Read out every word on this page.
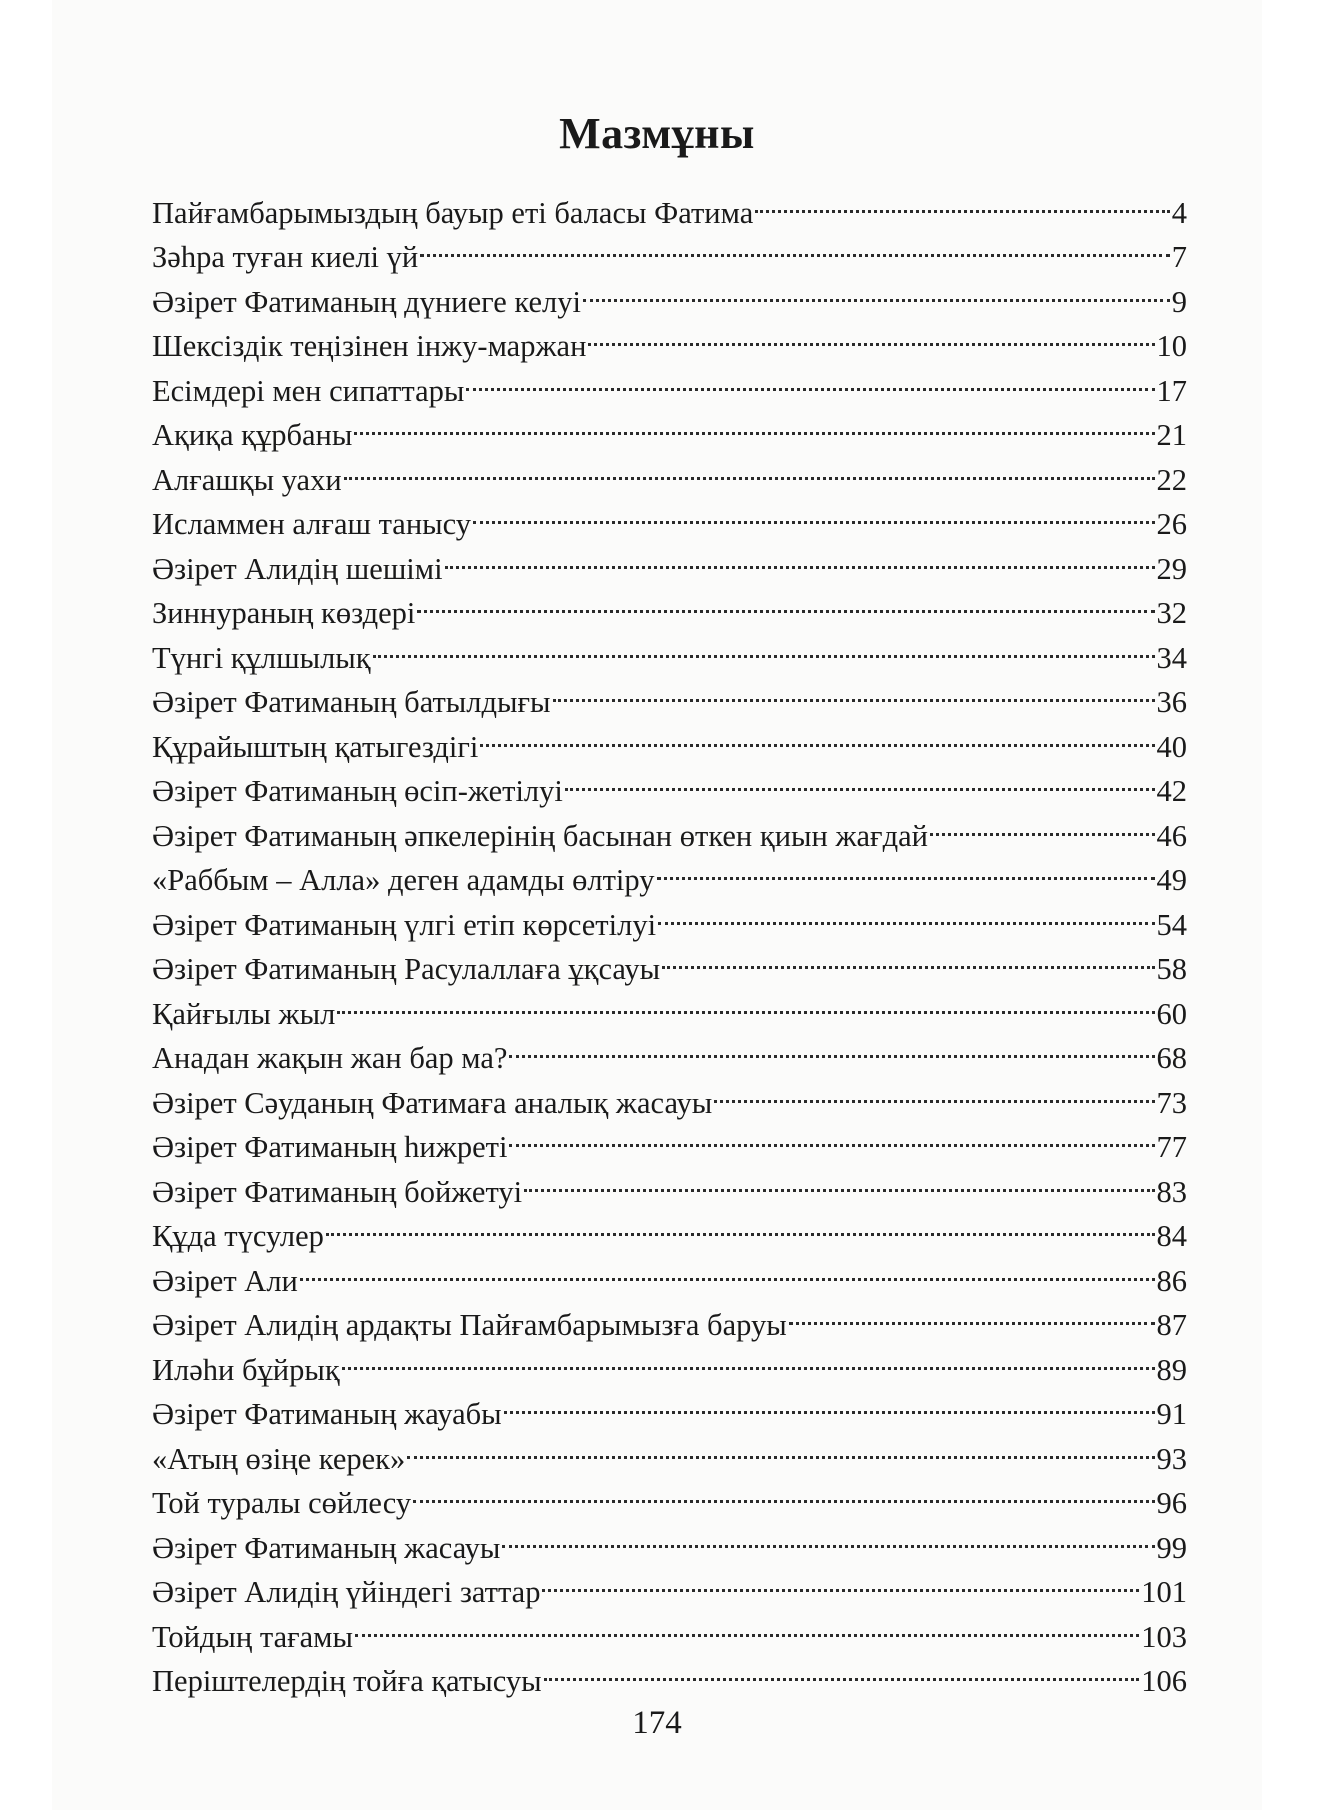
Мазмұны
Пайғамбарымыздың бауыр еті баласы Фатима	4
Зәһра туған киелі үй	7
Әзірет Фатиманың дүниеге келуі	9
Шексіздік теңізінен інжу-маржан	10
Есімдері мен сипаттары	17
Ақиқа құрбаны	21
Алғашқы уахи	22
Исламмен алғаш танысу	26
Әзірет Алидің шешімі	29
Зиннураның көздері	32
Түнгі құлшылық	34
Әзірет Фатиманың батылдығы	36
Құрайыштың қатыгездігі	40
Әзірет Фатиманың өсіп-жетілуі	42
Әзірет Фатиманың әпкелерінің басынан өткен қиын жағдай	46
«Раббым – Алла» деген адамды өлтіру	49
Әзірет Фатиманың үлгі етіп көрсетілуі	54
Әзірет Фатиманың Расулаллаға ұқсауы	58
Қайғылы жыл	60
Анадан жақын жан бар ма?	68
Әзірет Сәуданың Фатимаға аналық жасауы	73
Әзірет Фатиманың һижреті	77
Әзірет Фатиманың бойжетуі	83
Құда түсулер	84
Әзірет Али	86
Әзірет Алидің ардақты Пайғамбарымызға баруы	87
Иләһи бұйрық	89
Әзірет Фатиманың жауабы	91
«Атың өзіңе керек»	93
Той туралы сөйлесу	96
Әзірет Фатиманың жасауы	99
Әзірет Алидің үйіндегі заттар	101
Тойдың тағамы	103
Періштелердің тойға қатысуы	106
174
